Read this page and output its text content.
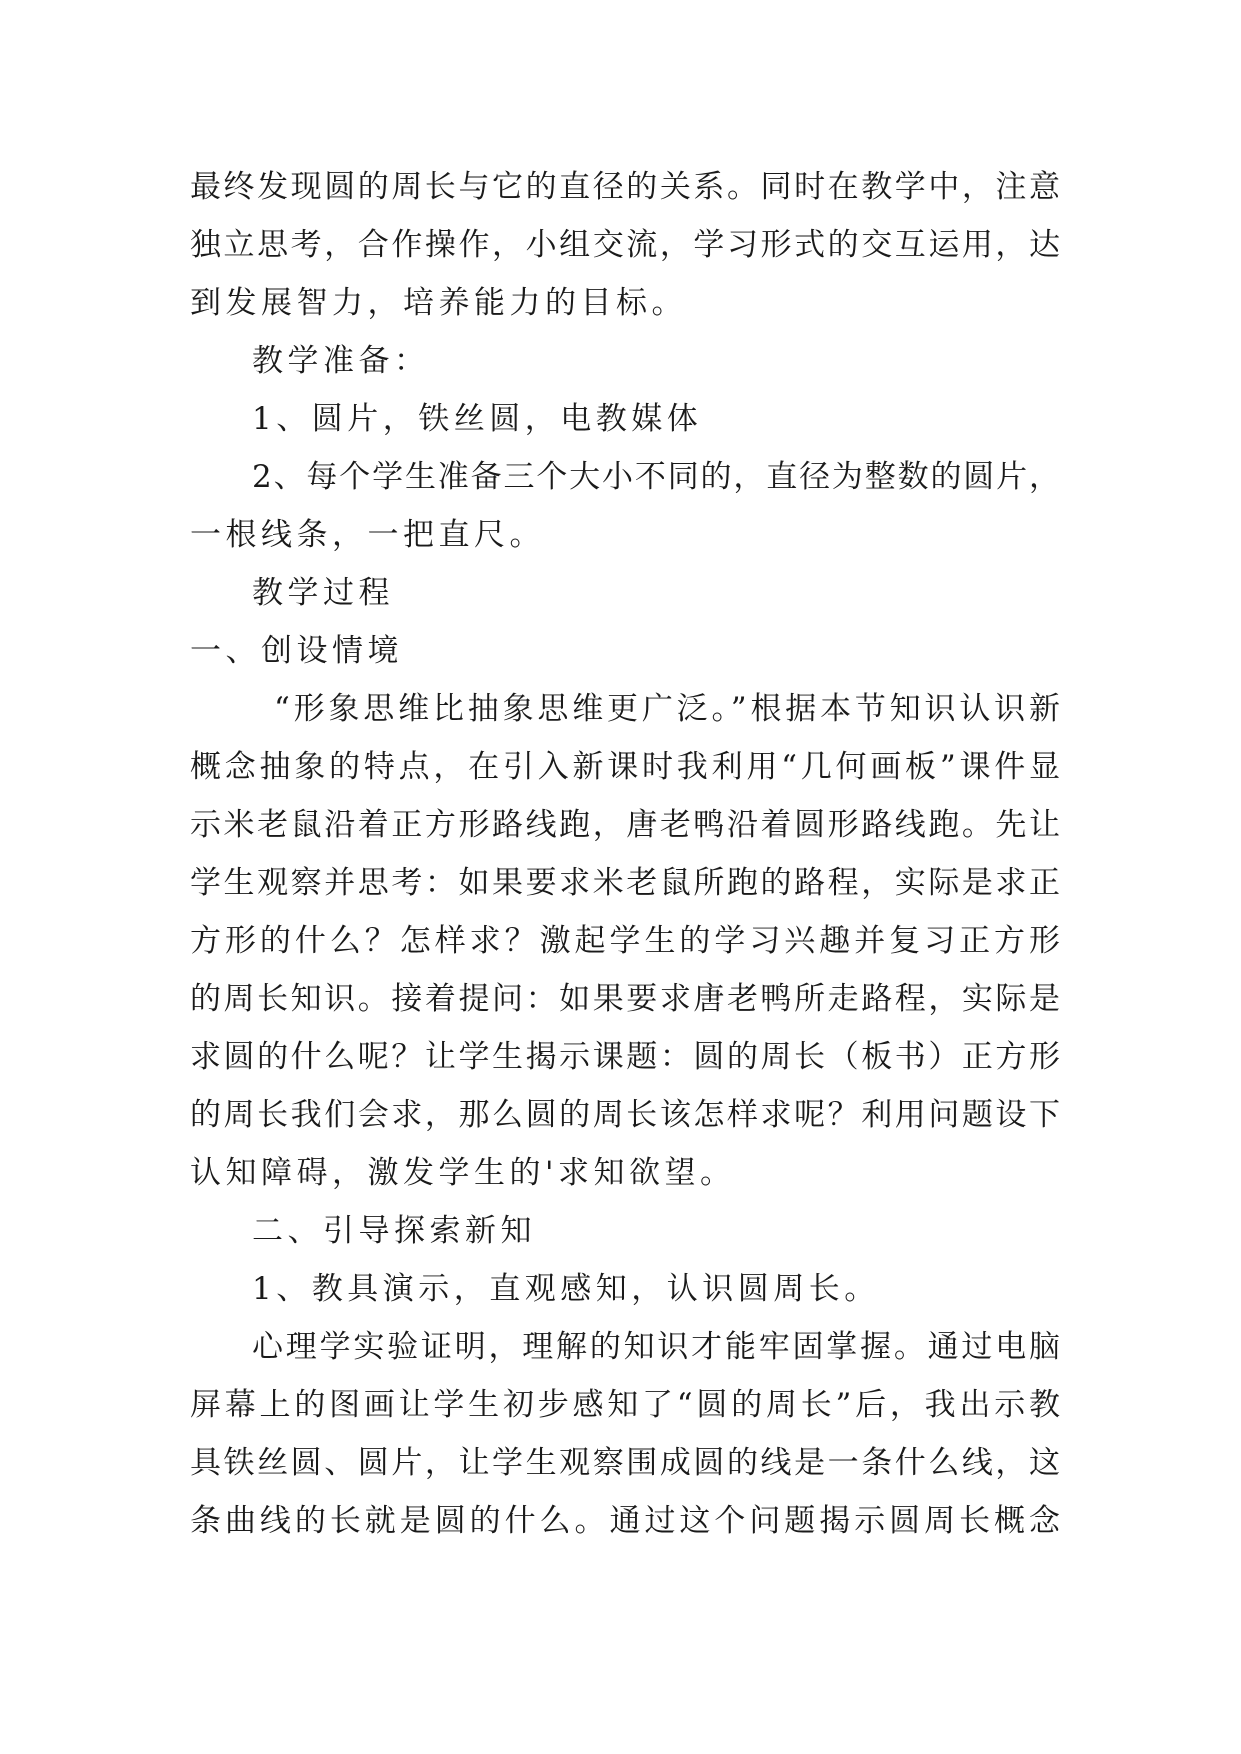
最终发现圆的周长与它的直径的关系。同时在教学中，注意
独立思考，合作操作，小组交流，学习形式的交互运用，达
到发展智力，培养能力的目标。
教学准备：
1、圆片，铁丝圆，电教媒体
2、每个学生准备三个大小不同的，直径为整数的圆片，
一根线条，一把直尺。
教学过程
一、创设情境
“形象思维比抽象思维更广泛。”根据本节知识认识新
概念抽象的特点，在引入新课时我利用“几何画板”课件显
示米老鼠沿着正方形路线跑，唐老鸭沿着圆形路线跑。先让
学生观察并思考：如果要求米老鼠所跑的路程，实际是求正
方形的什么？怎样求？激起学生的学习兴趣并复习正方形
的周长知识。接着提问：如果要求唐老鸭所走路程，实际是
求圆的什么呢？让学生揭示课题：圆的周长（板书）正方形
的周长我们会求，那么圆的周长该怎样求呢？利用问题设下
认知障碍，激发学生的'求知欲望。
二、引导探索新知
1、教具演示，直观感知，认识圆周长。
心理学实验证明，理解的知识才能牢固掌握。通过电脑
屏幕上的图画让学生初步感知了“圆的周长”后，我出示教
具铁丝圆、圆片，让学生观察围成圆的线是一条什么线，这
条曲线的长就是圆的什么。通过这个问题揭示圆周长概念
